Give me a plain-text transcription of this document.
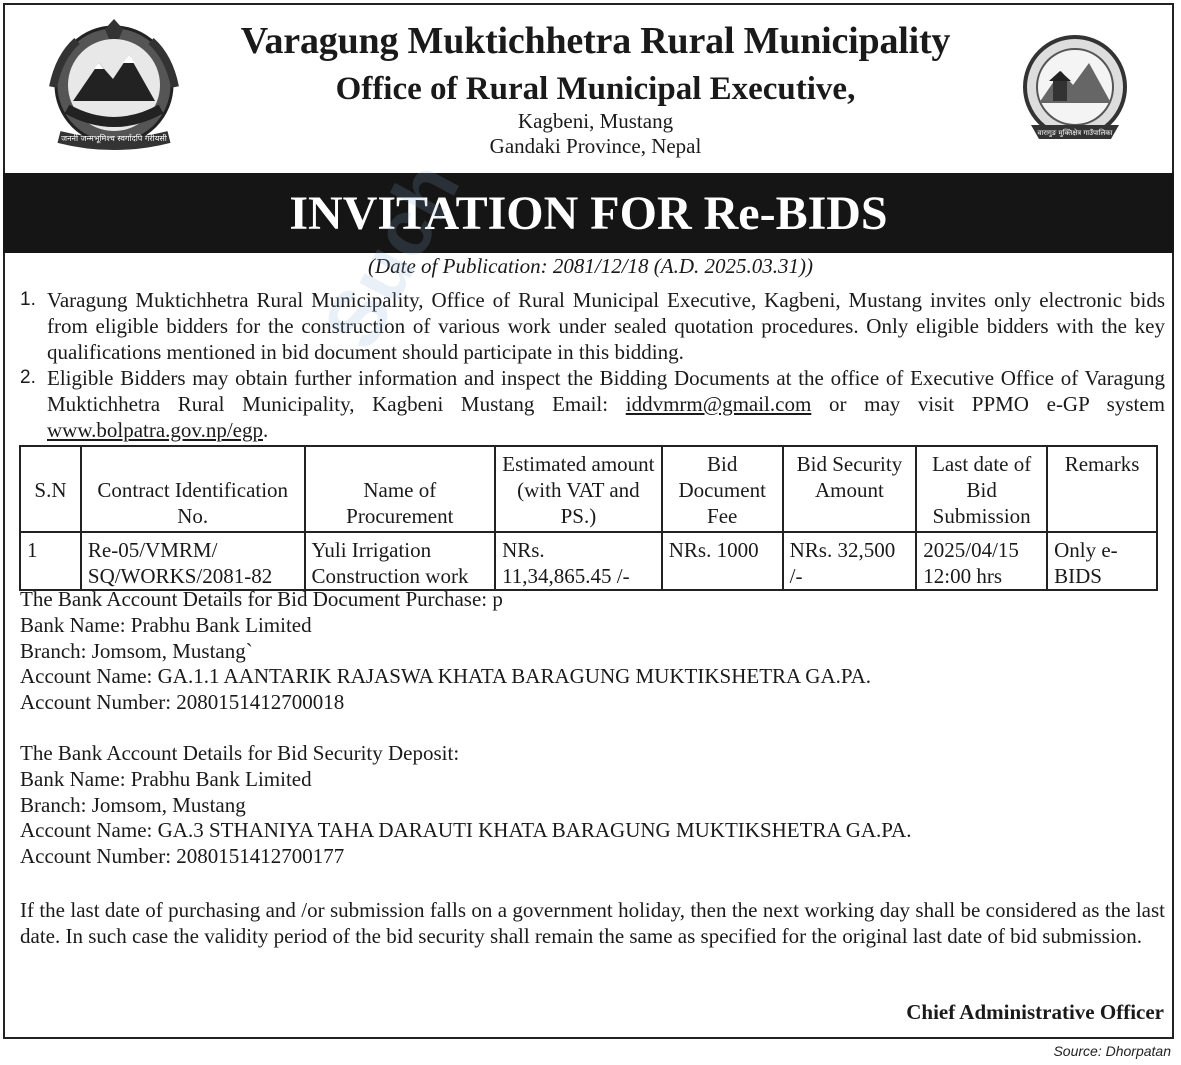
जननी जन्मभूमिश्च स्वर्गादपि गरीयसी
Varagung Muktichhetra Rural Municipality
Office of Rural Municipal Executive,
Kagbeni, Mustang
Gandaki Province, Nepal
वारागुङ मुक्तिक्षेत्र गाउँपालिका
INVITATION FOR Re-BIDS
(Date of Publication: 2081/12/18 (A.D. 2025.03.31))
1. Varagung Muktichhetra Rural Municipality, Office of Rural Municipal Executive, Kagbeni, Mustang invites only electronic bids from eligible bidders for the construction of various work under sealed quotation procedures. Only eligible bidders with the key qualifications mentioned in bid document should participate in this bidding.
2. Eligible Bidders may obtain further information and inspect the Bidding Documents at the office of Executive Office of Varagung Muktichhetra Rural Municipality, Kagbeni Mustang Email: iddvmrm@gmail.com or may visit PPMO e-GP system www.bolpatra.gov.np/egp.
S.N	Contract Identification No.	Name of Procurement	Estimated amount (with VAT and PS.)	Bid Document Fee	Bid Security Amount	Last date of Bid Submission	Remarks
1	Re-05/VMRM/ SQ/WORKS/2081-82	Yuli Irrigation Construction work	NRs. 11,34,865.45 /-	NRs. 1000	NRs. 32,500 /-	2025/04/15 12:00 hrs	Only e-BIDS
The Bank Account Details for Bid Document Purchase: p
Bank Name: Prabhu Bank Limited
Branch: Jomsom, Mustang`
Account Name: GA.1.1 AANTARIK RAJASWA KHATA BARAGUNG MUKTIKSHETRA GA.PA.
Account Number: 2080151412700018
The Bank Account Details for Bid Security Deposit:
Bank Name: Prabhu Bank Limited
Branch: Jomsom, Mustang
Account Name: GA.3 STHANIYA TAHA DARAUTI KHATA BARAGUNG MUKTIKSHETRA GA.PA.
Account Number: 2080151412700177

If the last date of purchasing and /or submission falls on a government holiday, then the next working day shall be considered as the last date. In such case the validity period of the bid security shall remain the same as specified for the original last date of bid submission.

Chief Administrative Officer
Source: Dhorpatan
Such
